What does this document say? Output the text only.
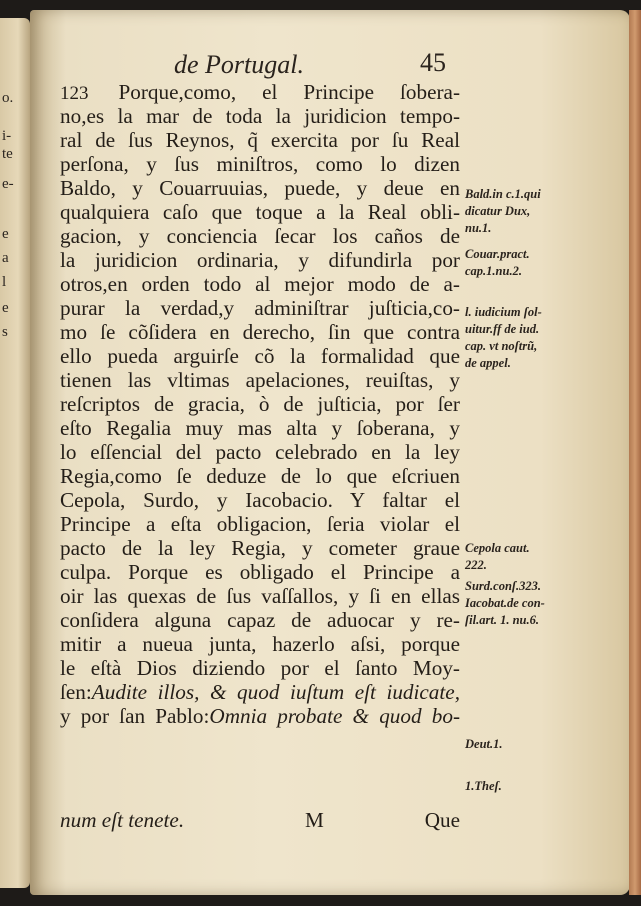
o.
i-
te
e-
e
a
l
e
s
de Portugal.	45
123 Porque,como, el Principe ſobera-
no,es la mar de toda la juridicion tempo-
ral de ſus Reynos, q̃ exercita por ſu Real
perſona, y ſus miniſtros, como lo dizen
Baldo, y Couarruuias, puede, y deue en
qualquiera caſo que toque a la Real obli-
gacion, y conciencia ſecar los caños de
la juridicion ordinaria, y difundirla por
otros,en orden todo al mejor modo de a-
purar la verdad,y adminiſtrar juſticia,co-
mo ſe cõſidera en derecho, ſin que contra
ello pueda arguirſe cõ la formalidad que
tienen las vltimas apelaciones, reuiſtas, y
reſcriptos de gracia, ò de juſticia, por ſer
eſto Regalia muy mas alta y ſoberana, y
lo eſſencial del pacto celebrado en la ley
Regia,como ſe deduze de lo que eſcriuen
Cepola, Surdo, y Iacobacio. Y faltar el
Principe a eſta obligacion, ſeria violar el
pacto de la ley Regia, y cometer graue
culpa. Porque es obligado el Principe a
oir las quexas de ſus vaſſallos, y ſi en ellas
conſidera alguna capaz de aduocar y re-
mitir a nueua junta, hazerlo aſsi, porque
le eſtà Dios diziendo por el ſanto Moy-
ſen:Audite illos, & quod iuſtum eſt iudicate,
y por ſan Pablo:Omnia probate & quod bo-
num eſt tenete.	M	Que
Bald.in c.1.qui
dicatur Dux,
nu.1.
Couar.pract.
cap.1.nu.2.
l. iudicium ſol-
uitur.ff de iud.
cap. vt noſtrũ,
de appel.
Cepola caut.
222.
Surd.conſ.323.
Iacobat.de con-
ſil.art. 1. nu.6.
Deut.1.
1.Theſ.
